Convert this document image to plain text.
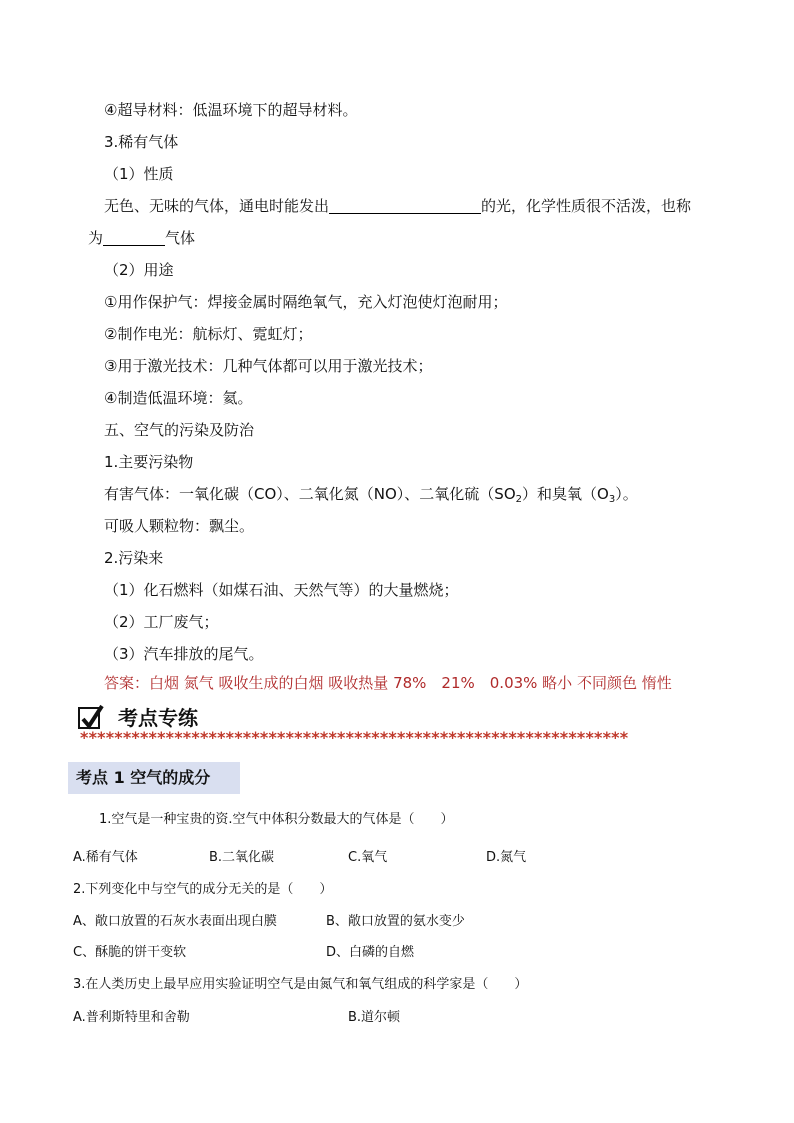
④超导材料：低温环境下的超导材料。
3.稀有气体
（1）性质
无色、无味的气体，通电时能发出	的光，化学性质很不活泼，也称
为	气体
（2）用途
①用作保护气：焊接金属时隔绝氧气，充入灯泡使灯泡耐用；
②制作电光：航标灯、霓虹灯；
③用于激光技术：几种气体都可以用于激光技术；
④制造低温环境：氦。
五、空气的污染及防治
1.主要污染物
有害气体：一氧化碳（CO）、二氧化氮（NO）、二氧化硫$(SO_2)$和臭氧$(O_3)$。
可吸人颗粒物：飘尘。
2.污染来
（1）化石燃料（如煤石油、天然气等）的大量燃烧；
（2）工厂废气；
（3）汽车排放的尾气。
答案：白烟 氮气 吸收生成的白烟 吸收热量 78%　21%　0.03% 略小 不同颜色 惰性
考点专练
****************************************************************
考点 1 空气的成分
1.空气是一种宝贵的资.空气中体积分数最大的气体是（　　）
A.稀有气体	B.二氧化碳	C.氧气	D.氮气
2.下列变化中与空气的成分无关的是（　　）
A、敞口放置的石灰水表面出现白膜	B、敞口放置的氨水变少
C、酥脆的饼干变软	D、白磷的自燃
3.在人类历史上最早应用实验证明空气是由氮气和氧气组成的科学家是（　　）
A.普利斯特里和舍勒	B.道尔顿
